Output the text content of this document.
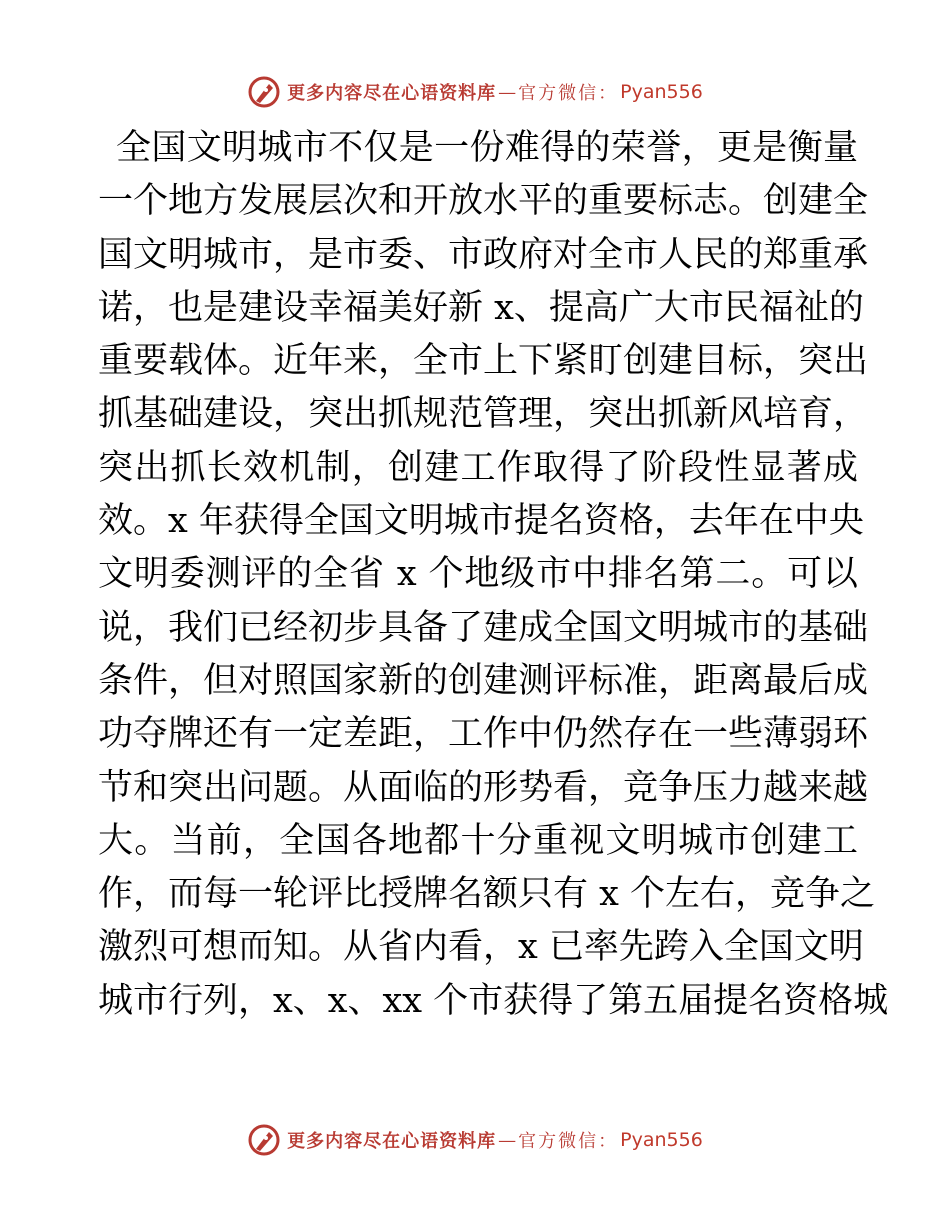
更多内容尽在心语资料库 — 官方微信： Pyan556
全国文明城市不仅是一份难得的荣誉，更是衡量
一个地方发展层次和开放水平的重要标志。创建全
国文明城市，是市委、市政府对全市人民的郑重承
诺，也是建设幸福美好新 x、提高广大市民福祉的
重要载体。近年来，全市上下紧盯创建目标，突出
抓基础建设，突出抓规范管理，突出抓新风培育，
突出抓长效机制，创建工作取得了阶段性显著成
效。x 年获得全国文明城市提名资格，去年在中央
文明委测评的全省 x 个地级市中排名第二。可以
说，我们已经初步具备了建成全国文明城市的基础
条件，但对照国家新的创建测评标准，距离最后成
功夺牌还有一定差距，工作中仍然存在一些薄弱环
节和突出问题。从面临的形势看，竞争压力越来越
大。当前，全国各地都十分重视文明城市创建工
作，而每一轮评比授牌名额只有 x 个左右，竞争之
激烈可想而知。从省内看，x 已率先跨入全国文明
城市行列，x、x、xx 个市获得了第五届提名资格城
更多内容尽在心语资料库 — 官方微信： Pyan556
